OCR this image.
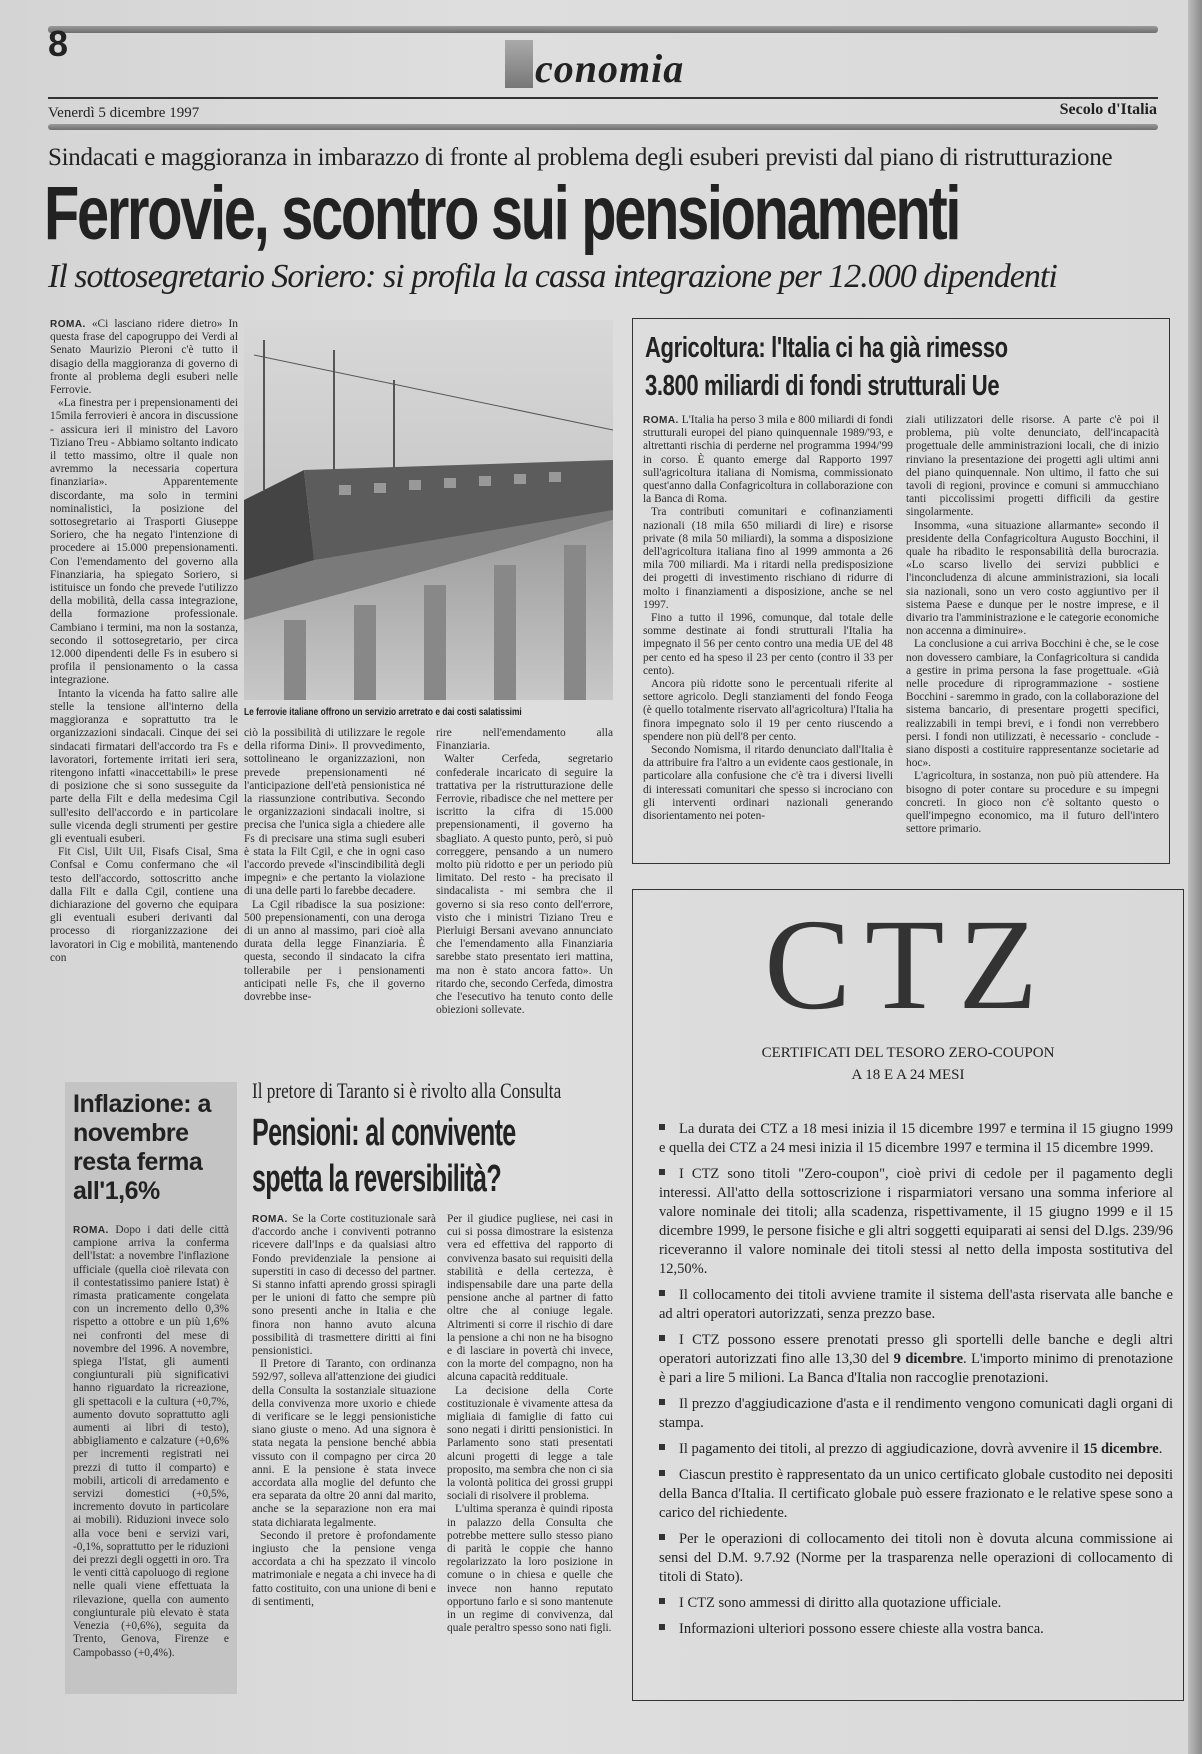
8
conomia
Venerdì 5 dicembre 1997	Secolo d'Italia
Sindacati e maggioranza in imbarazzo di fronte al problema degli esuberi previsti dal piano di ristrutturazione
Ferrovie, scontro sui pensionamenti
Il sottosegretario Soriero: si profila la cassa integrazione per 12.000 dipendenti

ROMA. «Ci lasciano ridere dietro» In questa frase del capogruppo dei Verdi al Senato Maurizio Pieroni c'è tutto il disagio della maggioranza di governo di fronte al problema degli esuberi nelle Ferrovie.

«La finestra per i prepensionamenti dei 15mila ferrovieri è ancora in discussione - assicura ieri il ministro del Lavoro Tiziano Treu - Abbiamo soltanto indicato il tetto massimo, oltre il quale non avremmo la necessaria copertura finanziaria». Apparentemente discordante, ma solo in termini nominalistici, la posizione del sottosegretario ai Trasporti Giuseppe Soriero, che ha negato l'intenzione di procedere ai 15.000 prepensionamenti. Con l'emendamento del governo alla Finanziaria, ha spiegato Soriero, si istituisce un fondo che prevede l'utilizzo della mobilità, della cassa integrazione, della formazione professionale. Cambiano i termini, ma non la sostanza, secondo il sottosegretario, per circa 12.000 dipendenti delle Fs in esubero si profila il pensionamento o la cassa integrazione.

Intanto la vicenda ha fatto salire alle stelle la tensione all'interno della maggioranza e soprattutto tra le organizzazioni sindacali. Cinque dei sei sindacati firmatari dell'accordo tra Fs e lavoratori, fortemente irritati ieri sera, ritengono infatti «inaccettabili» le prese di posizione che si sono susseguite da parte della Filt e della medesima Cgil sull'esito dell'accordo e in particolare sulle vicenda degli strumenti per gestire gli eventuali esuberi.

Fit Cisl, Uilt Uil, Fisafs Cisal, Sma Confsal e Comu confermano che «il testo dell'accordo, sottoscritto anche dalla Filt e dalla Cgil, contiene una dichiarazione del governo che equipara gli eventuali esuberi derivanti dal processo di riorganizzazione dei lavoratori in Cig e mobilità, mantenendo con

Le ferrovie italiane offrono un servizio arretrato e dai costi salatissimi

ciò la possibilità di utilizzare le regole della riforma Dini». Il provvedimento, sottolineano le organizzazioni, non prevede prepensionamenti né l'anticipazione dell'età pensionistica né la riassunzione contributiva. Secondo le organizzazioni sindacali inoltre, si precisa che l'unica sigla a chiedere alle Fs di precisare una stima sugli esuberi è stata la Filt Cgil, e che in ogni caso l'accordo prevede «l'inscindibilità degli impegni» e che pertanto la violazione di una delle parti lo farebbe decadere.

La Cgil ribadisce la sua posizione: 500 prepensionamenti, con una deroga di un anno al massimo, pari cioè alla durata della legge Finanziaria. È questa, secondo il sindacato la cifra tollerabile per i pensionamenti anticipati nelle Fs, che il governo dovrebbe inse-

rire nell'emendamento alla Finanziaria.

Walter Cerfeda, segretario confederale incaricato di seguire la trattativa per la ristrutturazione delle Ferrovie, ribadisce che nel mettere per iscritto la cifra di 15.000 prepensionamenti, il governo ha sbagliato. A questo punto, però, si può correggere, pensando a un numero molto più ridotto e per un periodo più limitato. Del resto - ha precisato il sindacalista - mi sembra che il governo si sia reso conto dell'errore, visto che i ministri Tiziano Treu e Pierluigi Bersani avevano annunciato che l'emendamento alla Finanziaria sarebbe stato presentato ieri mattina, ma non è stato ancora fatto». Un ritardo che, secondo Cerfeda, dimostra che l'esecutivo ha tenuto conto delle obiezioni sollevate.

Agricoltura: l'Italia ci ha già rimesso
3.800 miliardi di fondi strutturali Ue

ROMA. L'Italia ha perso 3 mila e 800 miliardi di fondi strutturali europei del piano quinquennale 1989/'93, e altrettanti rischia di perderne nel programma 1994/'99 in corso. È quanto emerge dal Rapporto 1997 sull'agricoltura italiana di Nomisma, commissionato quest'anno dalla Confagricoltura in collaborazione con la Banca di Roma.

Tra contributi comunitari e cofinanziamenti nazionali (18 mila 650 miliardi di lire) e risorse private (8 mila 50 miliardi), la somma a disposizione dell'agricoltura italiana fino al 1999 ammonta a 26 mila 700 miliardi. Ma i ritardi nella predisposizione dei progetti di investimento rischiano di ridurre di molto i finanziamenti a disposizione, anche se nel 1997.

Fino a tutto il 1996, comunque, dal totale delle somme destinate ai fondi strutturali l'Italia ha impegnato il 56 per cento contro una media UE del 48 per cento ed ha speso il 23 per cento (contro il 33 per cento).

Ancora più ridotte sono le percentuali riferite al settore agricolo. Degli stanziamenti del fondo Feoga (è quello totalmente riservato all'agricoltura) l'Italia ha finora impegnato solo il 19 per cento riuscendo a spendere non più dell'8 per cento.

Secondo Nomisma, il ritardo denunciato dall'Italia è da attribuire fra l'altro a un evidente caos gestionale, in particolare alla confusione che c'è tra i diversi livelli di interessati comunitari che spesso si incrociano con gli interventi ordinari nazionali generando disorientamento nei poten-

ziali utilizzatori delle risorse. A parte c'è poi il problema, più volte denunciato, dell'incapacità progettuale delle amministrazioni locali, che di inizio rinviano la presentazione dei progetti agli ultimi anni del piano quinquennale. Non ultimo, il fatto che sui tavoli di regioni, province e comuni si ammucchiano tanti piccolissimi progetti difficili da gestire singolarmente.

Insomma, «una situazione allarmante» secondo il presidente della Confagricoltura Augusto Bocchini, il quale ha ribadito le responsabilità della burocrazia. «Lo scarso livello dei servizi pubblici e l'inconcludenza di alcune amministrazioni, sia locali sia nazionali, sono un vero costo aggiuntivo per il sistema Paese e dunque per le nostre imprese, e il divario tra l'amministrazione e le categorie economiche non accenna a diminuire».

La conclusione a cui arriva Bocchini è che, se le cose non dovessero cambiare, la Confagricoltura si candida a gestire in prima persona la fase progettuale. «Già nelle procedure di riprogrammazione - sostiene Bocchini - saremmo in grado, con la collaborazione del sistema bancario, di presentare progetti specifici, realizzabili in tempi brevi, e i fondi non verrebbero persi. I fondi non utilizzati, è necessario - conclude - siano disposti a costituire rappresentanze societarie ad hoc».

L'agricoltura, in sostanza, non può più attendere. Ha bisogno di poter contare su procedure e su impegni concreti. In gioco non c'è soltanto questo o quell'impegno economico, ma il futuro dell'intero settore primario.

CTZ
CERTIFICATI DEL TESORO ZERO-COUPON
A 18 E A 24 MESI
La durata dei CTZ a 18 mesi inizia il 15 dicembre 1997 e termina il 15 giugno 1999 e quella dei CTZ a 24 mesi inizia il 15 dicembre 1997 e termina il 15 dicembre 1999.
I CTZ sono titoli "Zero-coupon", cioè privi di cedole per il pagamento degli interessi. All'atto della sottoscrizione i risparmiatori versano una somma inferiore al valore nominale dei titoli; alla scadenza, rispettivamente, il 15 giugno 1999 e il 15 dicembre 1999, le persone fisiche e gli altri soggetti equiparati ai sensi del D.lgs. 239/96 riceveranno il valore nominale dei titoli stessi al netto della imposta sostitutiva del 12,50%.
Il collocamento dei titoli avviene tramite il sistema dell'asta riservata alle banche e ad altri operatori autorizzati, senza prezzo base.
I CTZ possono essere prenotati presso gli sportelli delle banche e degli altri operatori autorizzati fino alle 13,30 del 9 dicembre. L'importo minimo di prenotazione è pari a lire 5 milioni. La Banca d'Italia non raccoglie prenotazioni.
Il prezzo d'aggiudicazione d'asta e il rendimento vengono comunicati dagli organi di stampa.
Il pagamento dei titoli, al prezzo di aggiudicazione, dovrà avvenire il 15 dicembre.
Ciascun prestito è rappresentato da un unico certificato globale custodito nei depositi della Banca d'Italia. Il certificato globale può essere frazionato e le relative spese sono a carico del richiedente.
Per le operazioni di collocamento dei titoli non è dovuta alcuna commissione ai sensi del D.M. 9.7.92 (Norme per la trasparenza nelle operazioni di collocamento di titoli di Stato).
I CTZ sono ammessi di diritto alla quotazione ufficiale.
Informazioni ulteriori possono essere chieste alla vostra banca.
Inflazione: a novembre resta ferma all'1,6%

ROMA. Dopo i dati delle città campione arriva la conferma dell'Istat: a novembre l'inflazione ufficiale (quella cioè rilevata con il contestatissimo paniere Istat) è rimasta praticamente congelata con un incremento dello 0,3% rispetto a ottobre e un più 1,6% nei confronti del mese di novembre del 1996. A novembre, spiega l'Istat, gli aumenti congiunturali più significativi hanno riguardato la ricreazione, gli spettacoli e la cultura (+0,7%, aumento dovuto soprattutto agli aumenti ai libri di testo), abbigliamento e calzature (+0,6% per incrementi registrati nei prezzi di tutto il comparto) e mobili, articoli di arredamento e servizi domestici (+0,5%, incremento dovuto in particolare ai mobili). Riduzioni invece solo alla voce beni e servizi vari, -0,1%, soprattutto per le riduzioni dei prezzi degli oggetti in oro. Tra le venti città capoluogo di regione nelle quali viene effettuata la rilevazione, quella con aumento congiunturale più elevato è stata Venezia (+0,6%), seguita da Trento, Genova, Firenze e Campobasso (+0,4%).

Il pretore di Taranto si è rivolto alla Consulta
Pensioni: al convivente
spetta la reversibilità?

ROMA. Se la Corte costituzionale sarà d'accordo anche i conviventi potranno ricevere dall'Inps e da qualsiasi altro Fondo previdenziale la pensione ai superstiti in caso di decesso del partner. Si stanno infatti aprendo grossi spiragli per le unioni di fatto che sempre più sono presenti anche in Italia e che finora non hanno avuto alcuna possibilità di trasmettere diritti ai fini pensionistici.

Il Pretore di Taranto, con ordinanza 592/97, solleva all'attenzione dei giudici della Consulta la sostanziale situazione della convivenza more uxorio e chiede di verificare se le leggi pensionistiche siano giuste o meno. Ad una signora è stata negata la pensione benché abbia vissuto con il compagno per circa 20 anni. E la pensione è stata invece accordata alla moglie del defunto che era separata da oltre 20 anni dal marito, anche se la separazione non era mai stata dichiarata legalmente.

Secondo il pretore è profondamente ingiusto che la pensione venga accordata a chi ha spezzato il vincolo matrimoniale e negata a chi invece ha di fatto costituito, con una unione di beni e di sentimenti,

Per il giudice pugliese, nei casi in cui si possa dimostrare la esistenza vera ed effettiva del rapporto di convivenza basato sui requisiti della stabilità e della certezza, è indispensabile dare una parte della pensione anche al partner di fatto oltre che al coniuge legale. Altrimenti si corre il rischio di dare la pensione a chi non ne ha bisogno e di lasciare in povertà chi invece, con la morte del compagno, non ha alcuna capacità reddituale.

La decisione della Corte costituzionale è vivamente attesa da migliaia di famiglie di fatto cui sono negati i diritti pensionistici. In Parlamento sono stati presentati alcuni progetti di legge a tale proposito, ma sembra che non ci sia la volontà politica dei grossi gruppi sociali di risolvere il problema.

L'ultima speranza è quindi riposta in palazzo della Consulta che potrebbe mettere sullo stesso piano di parità le coppie che hanno regolarizzato la loro posizione in comune o in chiesa e quelle che invece non hanno reputato opportuno farlo e si sono mantenute in un regime di convivenza, dal quale peraltro spesso sono nati figli.
